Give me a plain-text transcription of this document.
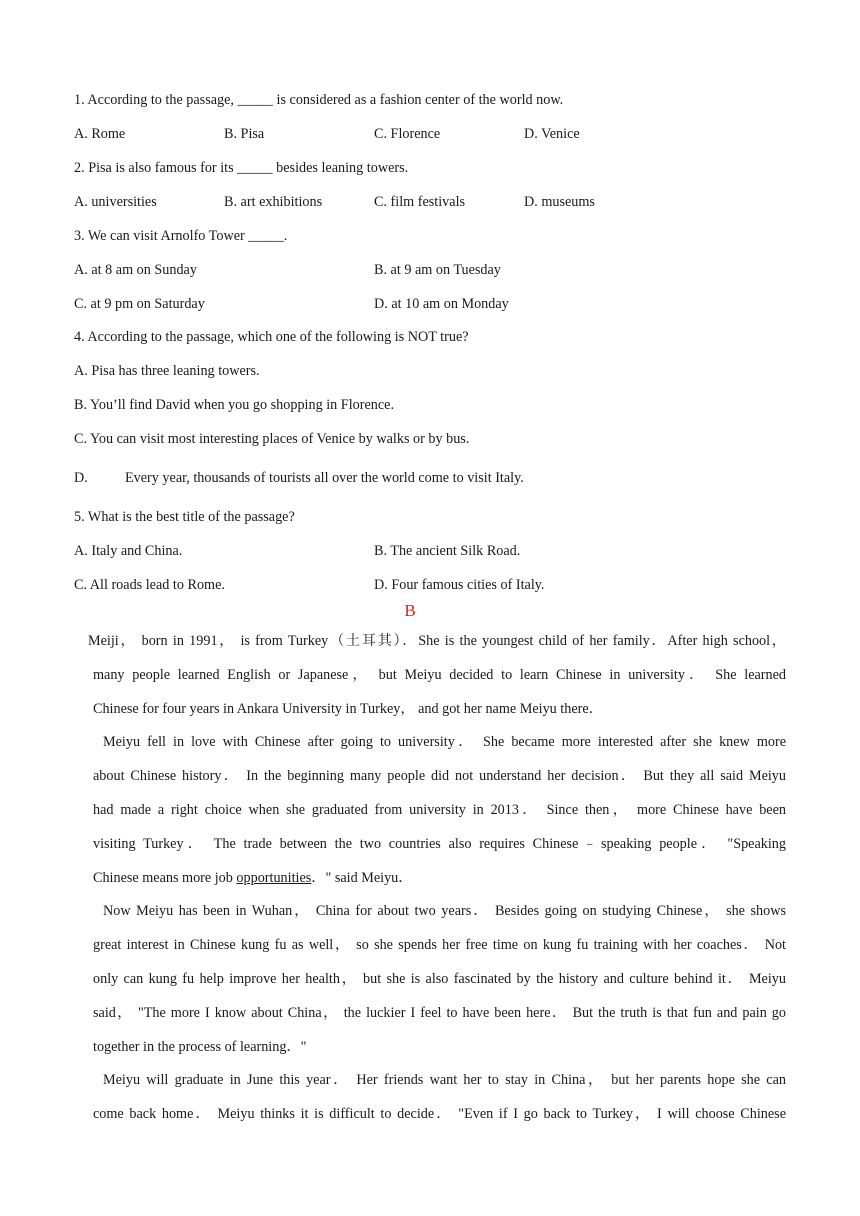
1. According to the passage, _____ is considered as a fashion center of the world now.
A. Rome	B. Pisa	C. Florence	D. Venice
2. Pisa is also famous for its _____ besides leaning towers.
A. universities	B. art exhibitions	C. film festivals	D. museums
3. We can visit Arnolfo Tower _____.
A. at 8 am on Sunday	B. at 9 am on Tuesday
C. at 9 pm on Saturday	D. at 10 am on Monday
4. According to the passage, which one of the following is NOT true?
A. Pisa has three leaning towers.
B. You’ll find David when you go shopping in Florence.
C. You can visit most interesting places of Venice by walks or by bus.
D.	Every year, thousands of tourists all over the world come to visit Italy.
5. What is the best title of the passage?
A. Italy and China.	B. The ancient Silk Road.
C. All roads lead to Rome.	D. Four famous cities of Italy.
B
Meiji， born in 1991， is from Turkey（土耳其）．She is the youngest child of her family．After high school，
many people learned English or Japanese， but Meiyu decided to learn Chinese in university． She learned
Chinese for four years in Ankara University in Turkey， and got her name Meiyu there．
Meiyu fell in love with Chinese after going to university． She became more interested after she knew more
about Chinese history． In the beginning many people did not understand her decision． But they all said Meiyu
had made a right choice when she graduated from university in 2013． Since then， more Chinese have been
visiting Turkey． The trade between the two countries also requires Chinese﹣speaking people． "Speaking
Chinese means more job opportunities．" said Meiyu．
Now Meiyu has been in Wuhan， China for about two years． Besides going on studying Chinese， she shows
great interest in Chinese kung fu as well， so she spends her free time on kung fu training with her coaches． Not
only can kung fu help improve her health， but she is also fascinated by the history and culture behind it． Meiyu
said， "The more I know about China， the luckier I feel to have been here． But the truth is that fun and pain go
together in the process of learning．"
Meiyu will graduate in June this year． Her friends want her to stay in China， but her parents hope she can
come back home． Meiyu thinks it is difficult to decide． "Even if I go back to Turkey， I will choose Chinese
